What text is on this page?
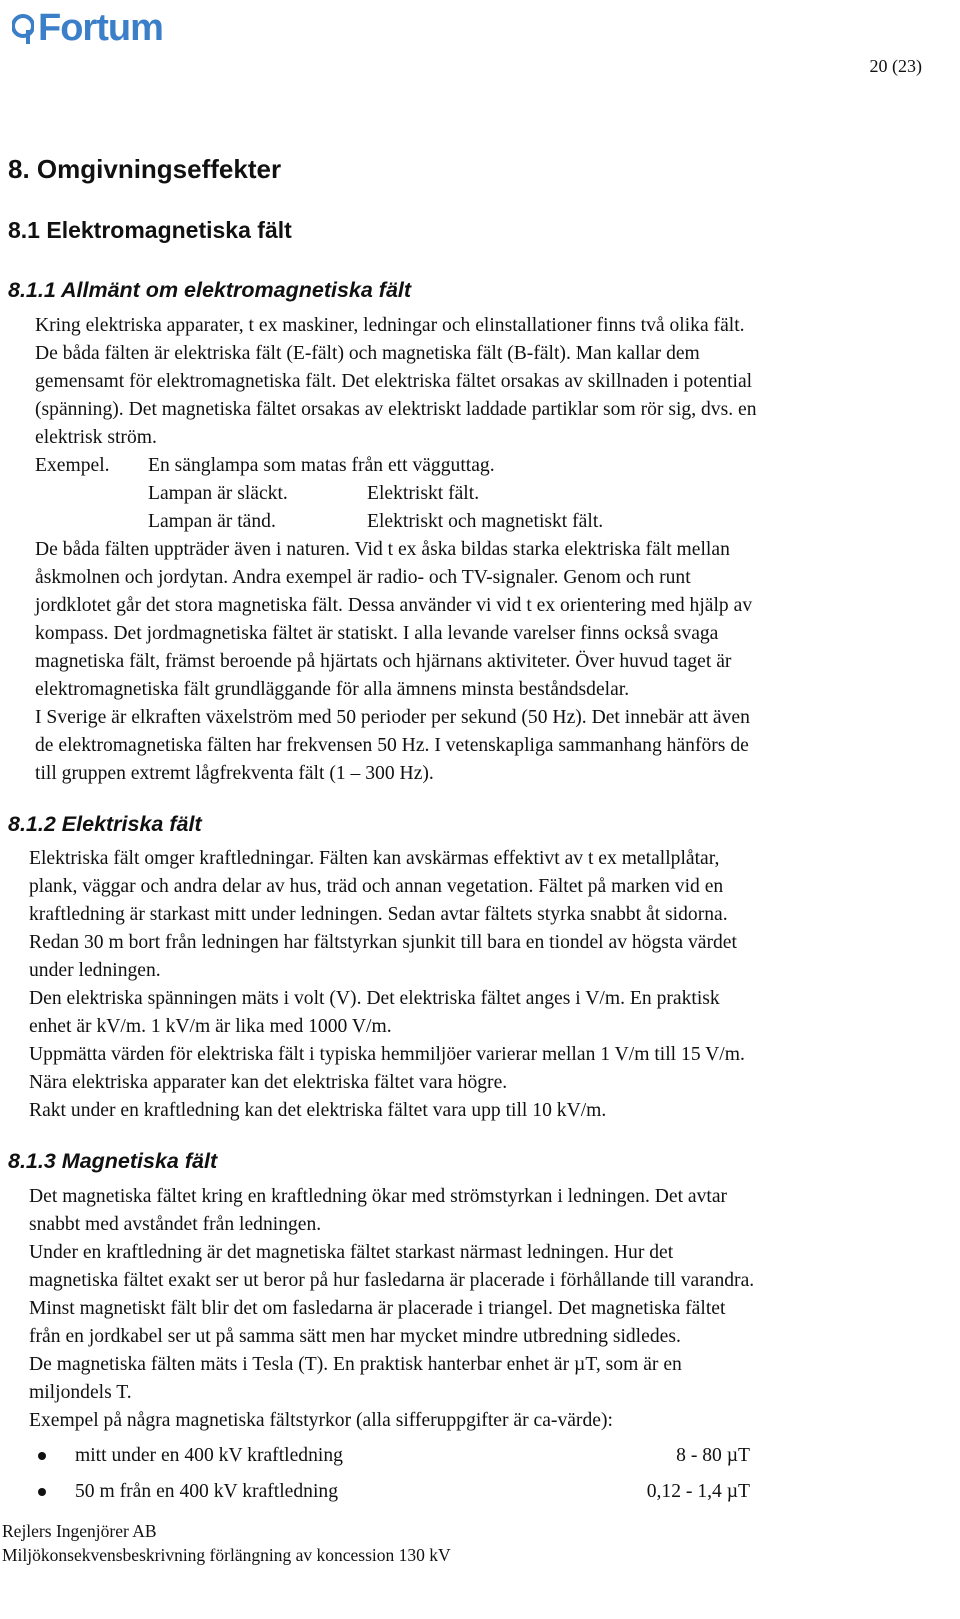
Fortum
20 (23)
8. Omgivningseffekter
8.1 Elektromagnetiska fält
8.1.1 Allmänt om elektromagnetiska fält

Kring elektriska apparater, t ex maskiner, ledningar och elinstallationer finns två olika fält.

De båda fälten är elektriska fält (E-fält) och magnetiska fält (B-fält). Man kallar dem

gemensamt för elektromagnetiska fält. Det elektriska fältet orsakas av skillnaden i potential

(spänning). Det magnetiska fältet orsakas av elektriskt laddade partiklar som rör sig, dvs. en

elektrisk ström.

Exempel.	En sänglampa som matas från ett vägguttag.
Lampan är släckt.	Elektriskt fält.
Lampan är tänd.	Elektriskt och magnetiskt fält.

De båda fälten uppträder även i naturen. Vid t ex åska bildas starka elektriska fält mellan

åskmolnen och jordytan. Andra exempel är radio- och TV-signaler. Genom och runt

jordklotet går det stora magnetiska fält. Dessa använder vi vid t ex orientering med hjälp av

kompass. Det jordmagnetiska fältet är statiskt. I alla levande varelser finns också svaga

magnetiska fält, främst beroende på hjärtats och hjärnans aktiviteter. Över huvud taget är

elektromagnetiska fält grundläggande för alla ämnens minsta beståndsdelar.

I Sverige är elkraften växelström med 50 perioder per sekund (50 Hz). Det innebär att även

de elektromagnetiska fälten har frekvensen 50 Hz. I vetenskapliga sammanhang hänförs de

till gruppen extremt lågfrekventa fält (1 – 300 Hz).

8.1.2 Elektriska fält

Elektriska fält omger kraftledningar. Fälten kan avskärmas effektivt av t ex metallplåtar,

plank, väggar och andra delar av hus, träd och annan vegetation. Fältet på marken vid en

kraftledning är starkast mitt under ledningen. Sedan avtar fältets styrka snabbt åt sidorna.

Redan 30 m bort från ledningen har fältstyrkan sjunkit till bara en tiondel av högsta värdet

under ledningen.

Den elektriska spänningen mäts i volt (V). Det elektriska fältet anges i V/m. En praktisk

enhet är kV/m. 1 kV/m är lika med 1000 V/m.

Uppmätta värden för elektriska fält i typiska hemmiljöer varierar mellan 1 V/m till 15 V/m.

Nära elektriska apparater kan det elektriska fältet vara högre.

Rakt under en kraftledning kan det elektriska fältet vara upp till 10 kV/m.

8.1.3 Magnetiska fält

Det magnetiska fältet kring en kraftledning ökar med strömstyrkan i ledningen. Det avtar

snabbt med avståndet från ledningen.

Under en kraftledning är det magnetiska fältet starkast närmast ledningen. Hur det

magnetiska fältet exakt ser ut beror på hur fasledarna är placerade i förhållande till varandra.

Minst magnetiskt fält blir det om fasledarna är placerade i triangel. Det magnetiska fältet

från en jordkabel ser ut på samma sätt men har mycket mindre utbredning sidledes.

De magnetiska fälten mäts i Tesla (T). En praktisk hanterbar enhet är µT, som är en

miljondels T.

Exempel på några magnetiska fältstyrkor (alla sifferuppgifter är ca-värde):

mitt under en 400 kV kraftledning	8 - 80 µT
50 m från en 400 kV kraftledning	0,12 - 1,4 µT
Rejlers Ingenjörer AB
Miljökonsekvensbeskrivning förlängning av koncession 130 kV
